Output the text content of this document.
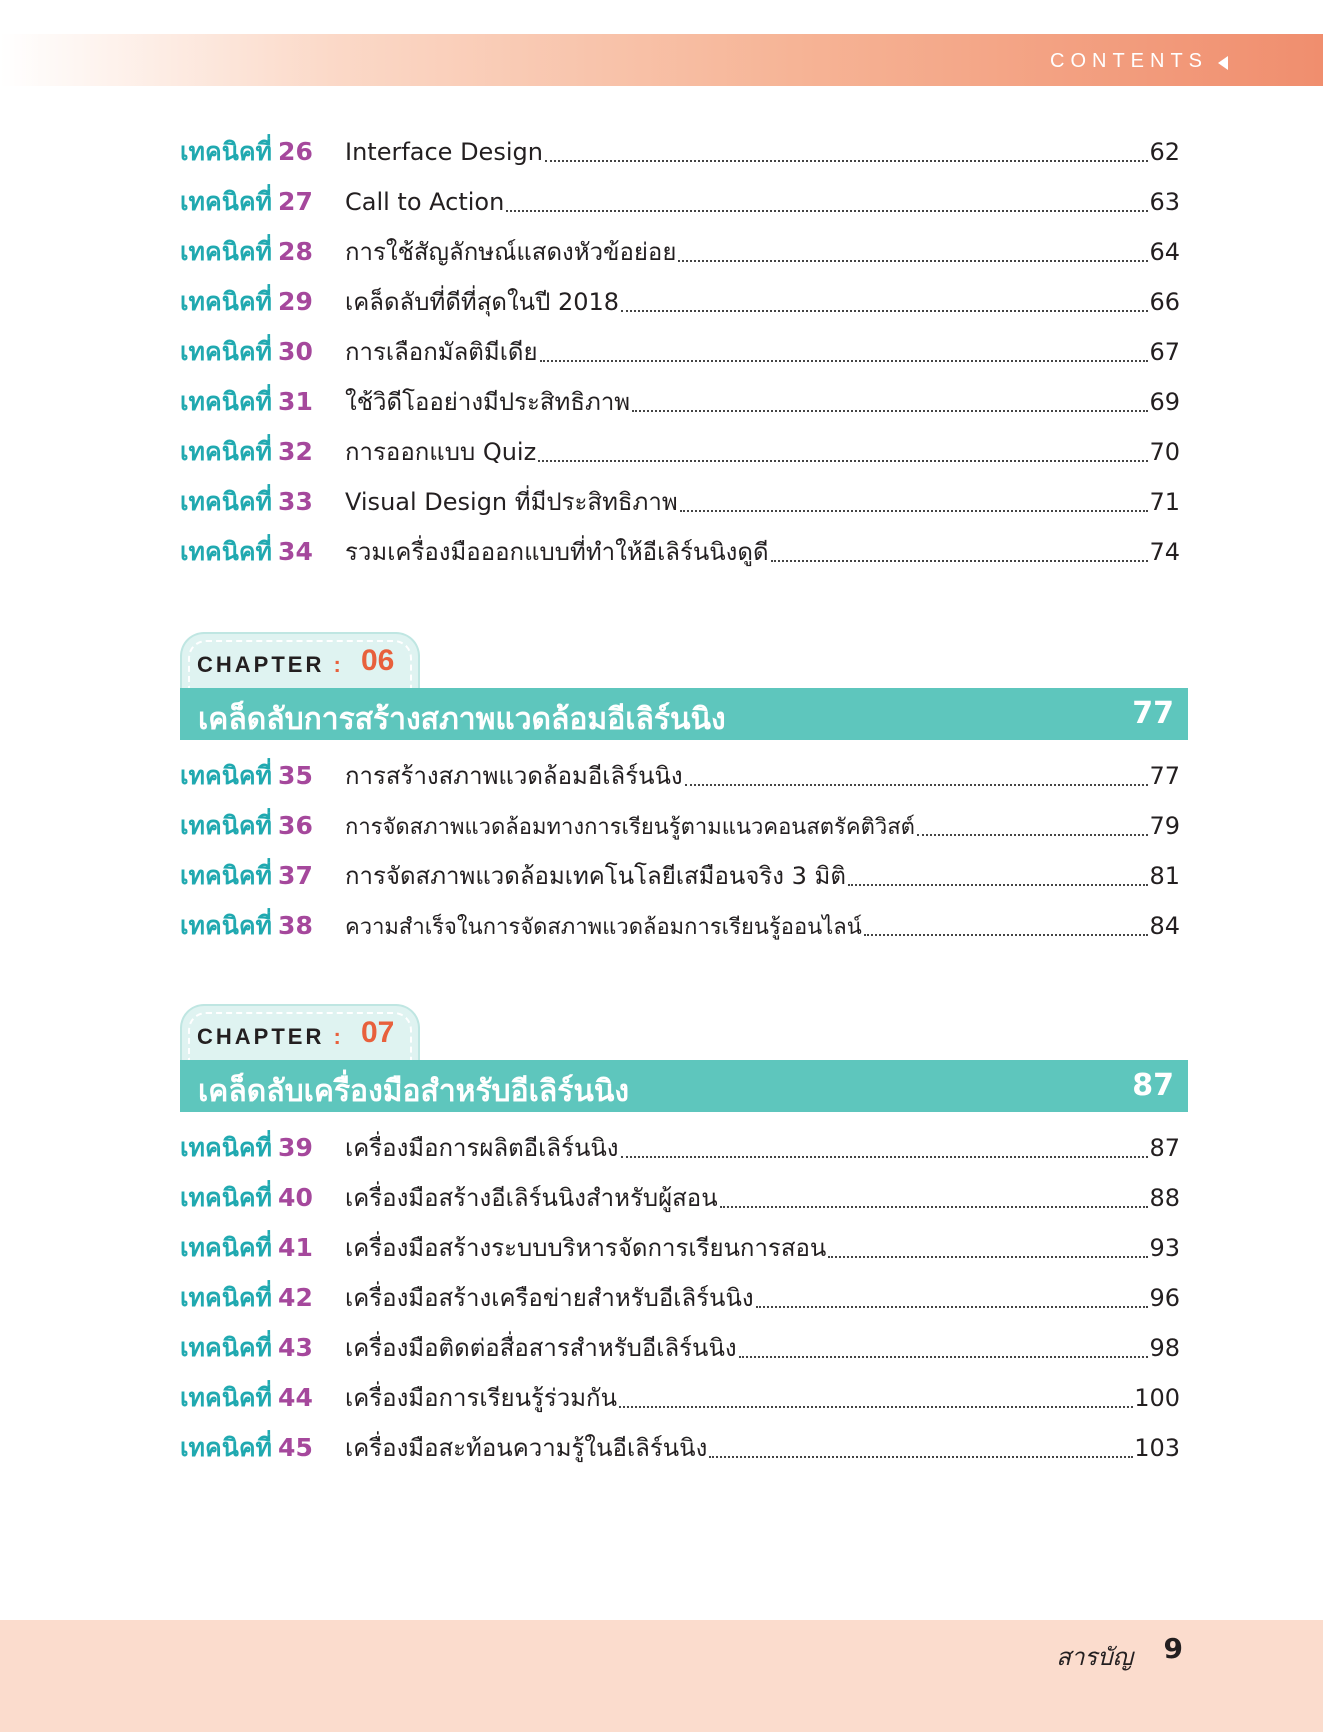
CONTENTS
เทคนิคที่ 26	Interface Design	62
เทคนิคที่ 27	Call to Action	63
เทคนิคที่ 28	การใช้สัญลักษณ์แสดงหัวข้อย่อย	64
เทคนิคที่ 29	เคล็ดลับที่ดีที่สุดในปี 2018	66
เทคนิคที่ 30	การเลือกมัลติมีเดีย	67
เทคนิคที่ 31	ใช้วิดีโออย่างมีประสิทธิภาพ	69
เทคนิคที่ 32	การออกแบบ Quiz	70
เทคนิคที่ 33	Visual Design ที่มีประสิทธิภาพ	71
เทคนิคที่ 34	รวมเครื่องมือออกแบบที่ทำให้อีเลิร์นนิงดูดี	74
CHAPTER : 06
เคล็ดลับการสร้างสภาพแวดล้อมอีเลิร์นนิง	77
เทคนิคที่ 35	การสร้างสภาพแวดล้อมอีเลิร์นนิง	77
เทคนิคที่ 36	การจัดสภาพแวดล้อมทางการเรียนรู้ตามแนวคอนสตรัคติวิสต์	79
เทคนิคที่ 37	การจัดสภาพแวดล้อมเทคโนโลยีเสมือนจริง 3 มิติ	81
เทคนิคที่ 38	ความสำเร็จในการจัดสภาพแวดล้อมการเรียนรู้ออนไลน์	84
CHAPTER : 07
เคล็ดลับเครื่องมือสำหรับอีเลิร์นนิง	87
เทคนิคที่ 39	เครื่องมือการผลิตอีเลิร์นนิง	87
เทคนิคที่ 40	เครื่องมือสร้างอีเลิร์นนิงสำหรับผู้สอน	88
เทคนิคที่ 41	เครื่องมือสร้างระบบบริหารจัดการเรียนการสอน	93
เทคนิคที่ 42	เครื่องมือสร้างเครือข่ายสำหรับอีเลิร์นนิง	96
เทคนิคที่ 43	เครื่องมือติดต่อสื่อสารสำหรับอีเลิร์นนิง	98
เทคนิคที่ 44	เครื่องมือการเรียนรู้ร่วมกัน	100
เทคนิคที่ 45	เครื่องมือสะท้อนความรู้ในอีเลิร์นนิง	103
สารบัญ 9
